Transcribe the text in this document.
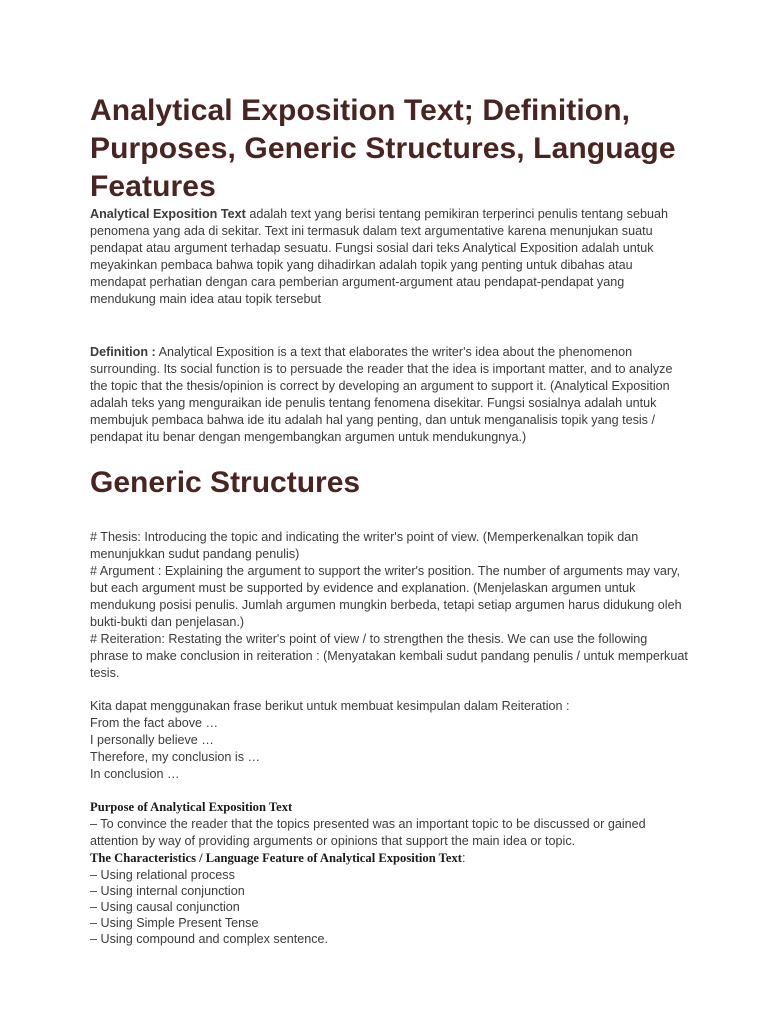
Analytical Exposition Text; Definition, Purposes, Generic Structures, Language Features

Analytical Exposition Text adalah text yang berisi tentang pemikiran terperinci penulis tentang sebuah penomena yang ada di sekitar. Text ini termasuk dalam text argumentative karena menunjukan suatu pendapat atau argument terhadap sesuatu. Fungsi sosial dari teks Analytical Exposition adalah untuk meyakinkan pembaca bahwa topik yang dihadirkan adalah topik yang penting untuk dibahas atau mendapat perhatian dengan cara pemberian argument-argument atau pendapat-pendapat yang mendukung main idea atau topik tersebut

Definition : Analytical Exposition is a text that elaborates the writer's idea about the phenomenon surrounding. Its social function is to persuade the reader that the idea is important matter, and to analyze the topic that the thesis/opinion is correct by developing an argument to support it. (Analytical Exposition adalah teks yang menguraikan ide penulis tentang fenomena disekitar. Fungsi sosialnya adalah untuk membujuk pembaca bahwa ide itu adalah hal yang penting, dan untuk menganalisis topik yang tesis / pendapat itu benar dengan mengembangkan argumen untuk mendukungnya.)

Generic Structures

# Thesis: Introducing the topic and indicating the writer's point of view. (Memperkenalkan topik dan menunjukkan sudut pandang penulis)

# Argument : Explaining the argument to support the writer's position. The number of arguments may vary, but each argument must be supported by evidence and explanation. (Menjelaskan argumen untuk mendukung posisi penulis. Jumlah argumen mungkin berbeda, tetapi setiap argumen harus didukung oleh bukti-bukti dan penjelasan.)

# Reiteration: Restating the writer's point of view / to strengthen the thesis. We can use the following phrase to make conclusion in reiteration : (Menyatakan kembali sudut pandang penulis / untuk memperkuat tesis.

Kita dapat menggunakan frase berikut untuk membuat kesimpulan dalam Reiteration :

From the fact above …

I personally believe …

Therefore, my conclusion is …

In conclusion …

Purpose of Analytical Exposition Text

– To convince the reader that the topics presented was an important topic to be discussed or gained attention by way of providing arguments or opinions that support the main idea or topic.

The Characteristics / Language Feature of Analytical Exposition Text:

– Using relational process
– Using internal conjunction
– Using causal conjunction
– Using Simple Present Tense
– Using compound and complex sentence.
